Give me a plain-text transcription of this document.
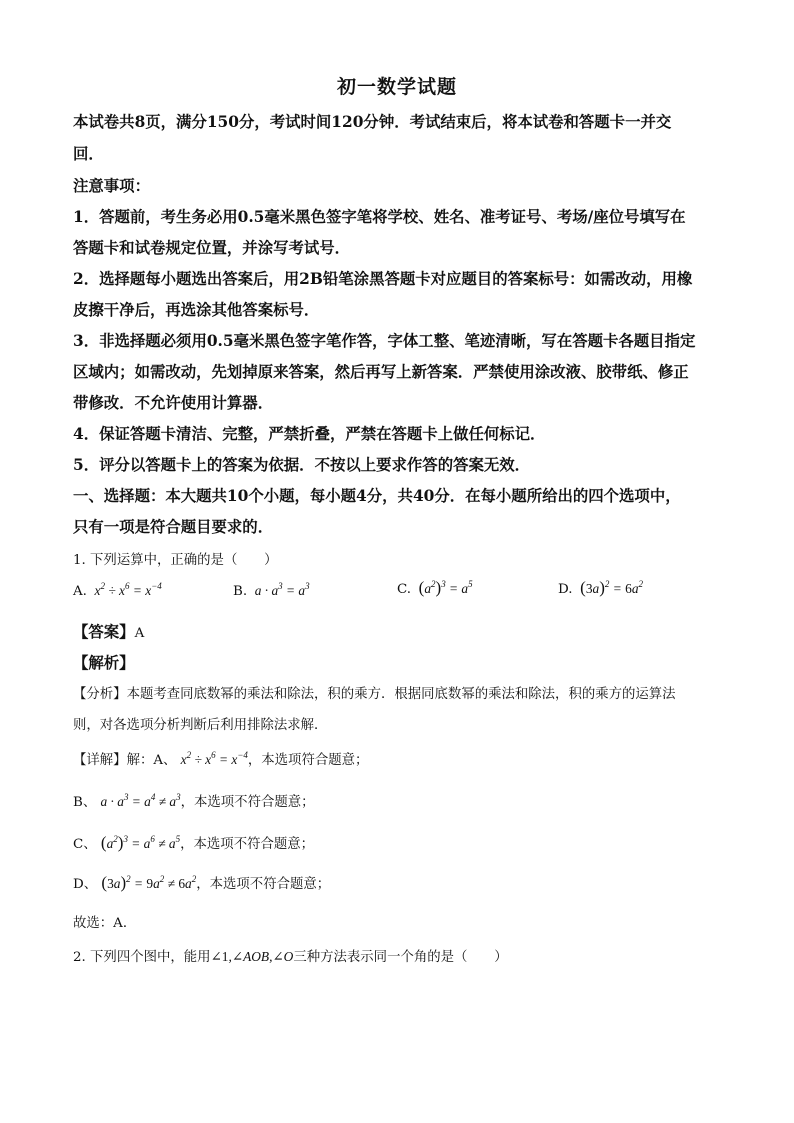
初一数学试题
本试卷共8页，满分150分，考试时间120分钟．考试结束后，将本试卷和答题卡一并交
回．
注意事项：
1．答题前，考生务必用0.5毫米黑色签字笔将学校、姓名、准考证号、考场/座位号填写在
答题卡和试卷规定位置，并涂写考试号．
2．选择题每小题选出答案后，用2B铅笔涂黑答题卡对应题目的答案标号：如需改动，用橡
皮擦干净后，再选涂其他答案标号．
3．非选择题必须用0.5毫米黑色签字笔作答，字体工整、笔迹清晰，写在答题卡各题目指定
区域内；如需改动，先划掉原来答案，然后再写上新答案．严禁使用涂改液、胶带纸、修正
带修改．不允许使用计算器．
4．保证答题卡清洁、完整，严禁折叠，严禁在答题卡上做任何标记．
5．评分以答题卡上的答案为依据．不按以上要求作答的答案无效．
一、选择题：本大题共10个小题，每小题4分，共40分．在每小题所给出的四个选项中，
只有一项是符合题目要求的．
1. 下列运算中，正确的是（　　）
A.  $x^2 \div x^6 = x^{-4}$	B.  $a \cdot a^3 = a^3$	C. $(a^2)^3 = a^5$	D. $(3a)^2 = 6a^2$
【答案】A
【解析】
【分析】本题考查同底数幂的乘法和除法，积的乘方．根据同底数幂的乘法和除法，积的乘方的运算法
则，对各选项分析判断后利用排除法求解．
【详解】解：A、 $x^2 \div x^6 = x^{-4}$，本选项符合题意；
B、 $a \cdot a^3 = a^4 \ne a^3$，本选项不符合题意；
C、 $(a^2)^3 = a^6 \ne a^5$，本选项不符合题意；
D、 $(3a)^2 = 9a^2 \ne 6a^2$，本选项不符合题意；
故选：A．
2. 下列四个图中，能用∠1,∠AOB,∠O三种方法表示同一个角的是（　　）
